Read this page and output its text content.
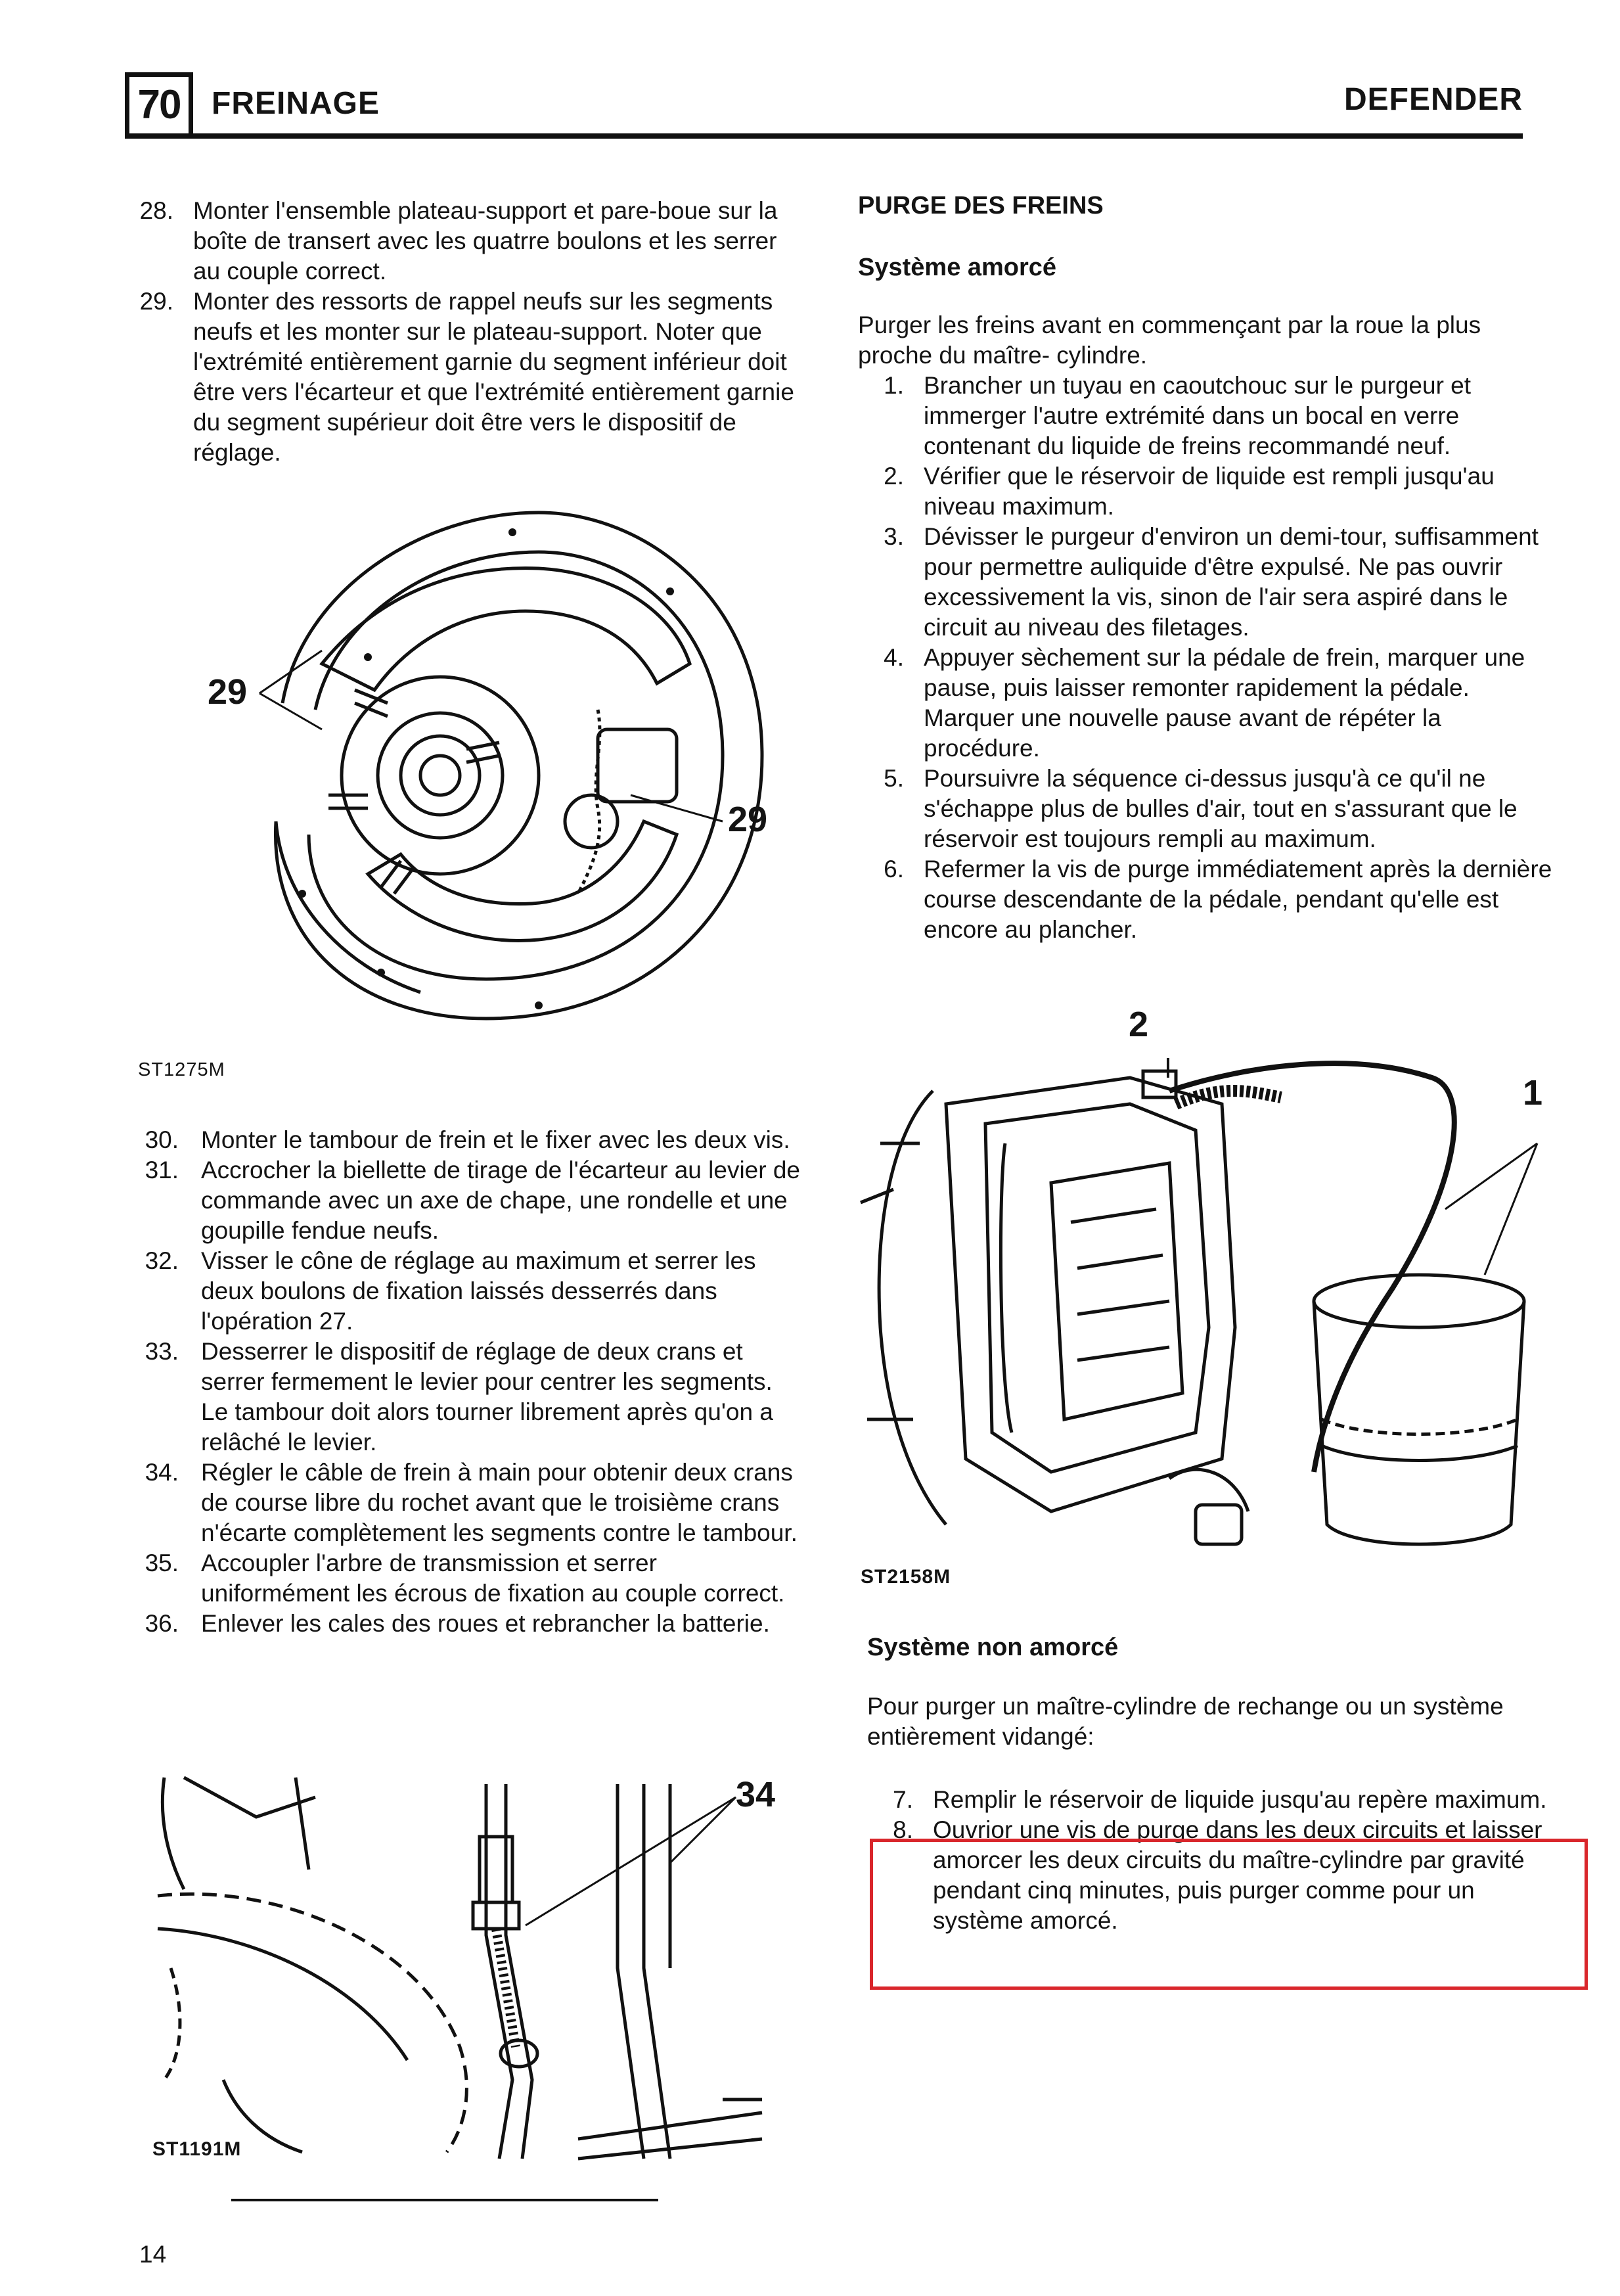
70 FREINAGE	DEFENDER
28. Monter l'ensemble plateau-support et pare-boue sur la boîte de transert avec les quatrre boulons et les serrer au couple correct.
29. Monter des ressorts de rappel neufs sur les segments neufs et les monter sur le plateau-support. Noter que l'extrémité entièrement garnie du segment inférieur doit être vers l'écarteur et que l'extrémité entièrement garnie du segment supérieur doit être vers le dispositif de réglage.
29
29
ST1275M
30. Monter le tambour de frein et le fixer avec les deux vis.
31. Accrocher la biellette de tirage de l'écarteur au levier de commande avec un axe de chape, une rondelle et une goupille fendue neufs.
32. Visser le cône de réglage au maximum et serrer les deux boulons de fixation laissés desserrés dans l'opération 27.
33. Desserrer le dispositif de réglage de deux crans et serrer fermement le levier pour centrer les segments. Le tambour doit alors tourner librement après qu'on a relâché le levier.
34. Régler le câble de frein à main pour obtenir deux crans de course libre du rochet avant que le troisième crans n'écarte complètement les segments contre le tambour.
35. Accoupler l'arbre de transmission et serrer uniformément les écrous de fixation au couple correct.
36. Enlever les cales des roues et rebrancher la batterie.
34
ST1191M
PURGE DES FREINS
Système amorcé
Purger les freins avant en commençant par la roue la plus proche du maître- cylindre.
1. Brancher un tuyau en caoutchouc sur le purgeur et immerger l'autre extrémité dans un bocal en verre contenant du liquide de freins recommandé neuf.
2. Vérifier que le réservoir de liquide est rempli jusqu'au niveau maximum.
3. Dévisser le purgeur d'environ un demi-tour, suffisamment pour permettre auliquide d'être expulsé. Ne pas ouvrir excessivement la vis, sinon de l'air sera aspiré dans le circuit au niveau des filetages.
4. Appuyer sèchement sur la pédale de frein, marquer une pause, puis laisser remonter rapidement la pédale. Marquer une nouvelle pause avant de répéter la procédure.
5. Poursuivre la séquence ci-dessus jusqu'à ce qu'il ne s'échappe plus de bulles d'air, tout en s'assurant que le réservoir est toujours rempli au maximum.
6. Refermer la vis de purge immédiatement après la dernière course descendante de la pédale, pendant qu'elle est encore au plancher.
2
1
ST2158M
Système non amorcé
Pour purger un maître-cylindre de rechange ou un système entièrement vidangé:
7. Remplir le réservoir de liquide jusqu'au repère maximum.
8. Ouvrior une vis de purge dans les deux circuits et laisser amorcer les deux circuits du maître-cylindre par gravité pendant cinq minutes, puis purger comme pour un système amorcé.
14
